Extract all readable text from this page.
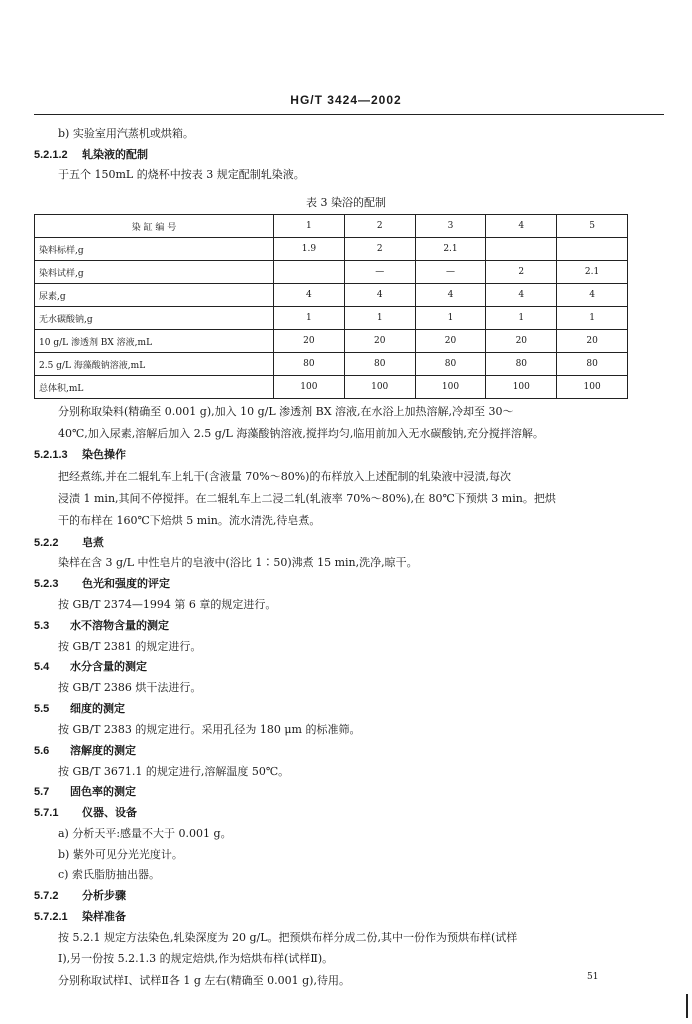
HG/T 3424—2002
b) 实验室用汽蒸机或烘箱。
5.2.1.2 轧染液的配制
于五个 150mL 的烧杯中按表 3 规定配制轧染液。
表 3 染浴的配制
染 缸 编 号	1	2	3	4	5
染料标样,g	1.9	2	2.1		
染料试样,g		—	—	2	2.1
尿素,g	4	4	4	4	4
无水碳酸钠,g	1	1	1	1	1
10 g/L 渗透剂 BX 溶液,mL	20	20	20	20	20
2.5 g/L 海藻酸钠溶液,mL	80	80	80	80	80
总体积,mL	100	100	100	100	100
分别称取染料(精确至 0.001 g),加入 10 g/L 渗透剂 BX 溶液,在水浴上加热溶解,冷却至 30～
40℃,加入尿素,溶解后加入 2.5 g/L 海藻酸钠溶液,搅拌均匀,临用前加入无水碳酸钠,充分搅拌溶解。
5.2.1.3 染色操作
把经煮练,并在二辊轧车上轧干(含液量 70%～80%)的布样放入上述配制的轧染液中浸渍,每次
浸渍 1 min,其间不停搅拌。在二辊轧车上二浸二轧(轧液率 70%～80%),在 80℃下预烘 3 min。把烘
干的布样在 160℃下焙烘 5 min。流水清洗,待皂煮。
5.2.2 皂煮
染样在含 3 g/L 中性皂片的皂液中(浴比 1∶50)沸煮 15 min,洗净,晾干。
5.2.3 色光和强度的评定
按 GB/T 2374—1994 第 6 章的规定进行。
5.3 水不溶物含量的测定
按 GB/T 2381 的规定进行。
5.4 水分含量的测定
按 GB/T 2386 烘干法进行。
5.5 细度的测定
按 GB/T 2383 的规定进行。采用孔径为 180 μm 的标准筛。
5.6 溶解度的测定
按 GB/T 3671.1 的规定进行,溶解温度 50℃。
5.7 固色率的测定
5.7.1 仪器、设备
a) 分析天平:感量不大于 0.001 g。
b) 紫外可见分光光度计。
c) 索氏脂肪抽出器。
5.7.2 分析步骤
5.7.2.1 染样准备
按 5.2.1 规定方法染色,轧染深度为 20 g/L。把预烘布样分成二份,其中一份作为预烘布样(试样
Ⅰ),另一份按 5.2.1.3 的规定焙烘,作为焙烘布样(试样Ⅱ)。
分别称取试样Ⅰ、试样Ⅱ各 1 g 左右(精确至 0.001 g),待用。	51
